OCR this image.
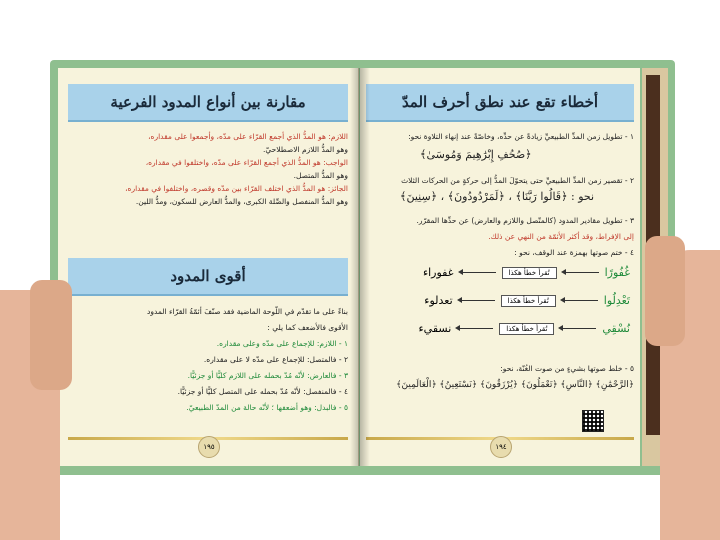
مقارنة بين أنواع المدود الفرعية
اللازم: هو المدُّ الذي أجمع القرّاء على مدّه، وأجمعوا على مقداره،
وهو المدُّ اللازم الاصطلاحيّ.
الواجب: هو المدُّ الذي أجمع القرّاء على مدّه، واختلفوا في مقداره،
وهو المدُّ المتصل.
الجائز: هو المدُّ الذي اختلف القرّاء بين مدّه وقصره، واختلفوا في مقداره،
وهو المدُّ المنفصل والصِّلة الكبرى، والمدُّ العارض للسكون، ومدُّ اللين.
أقوى المدود
بناءً على ما تقدّم في اللّوحة الماضية فقد صنّفَ أئمّةُ القرّاء المدود
الأقوى فالأضعف كما يلي :
١ - اللازم: للإجماع على مدّه وعلى مقداره.
٢ - فالمتصل: للإجماع على مدّه لا على مقداره.
٣ - فالعارض: لأنّه مُدّ بحمله على اللازم كليًّا أو جزئيًّا.
٤ - فالمنفصل: لأنّه مُدّ بحمله على المتصل كليًّا أو جزئيًّا.
٥ - فالبدل: وهو أضعفها ؛ لأنّه حالة من المدّ الطبيعيّ.
١٩٥
أخطاء تقع عند نطق أحرف المدّ
١ - تطويل زمن المدِّ الطبيعيِّ زيادةً عن حدِّه، وخاصّةً عند إنهاء التلاوة نحو:
﴿صُحُفِ إِبْرَٰهِيمَ وَمُوسَىٰ﴾
٢ - تقصير زمن المدِّ الطبيعيِّ حتى يتحوّلَ المدُّ إلى حركةٍ من الحركات الثلاث
نحو : ﴿قَالُوا رَبَّنَا﴾ ، ﴿لَمَرْدُودُونَ﴾ ، ﴿سِنِينَ﴾
٣ - تطويل مقادير المدود (كالمتّصل واللازم والعارض) عن حدِّها المقرّر.
إلى الإفراط، وقد أكثر الأئمّة من النهي عن ذلك.
٤ - ختم صوتها بهمزة عند الوقف، نحو :
غُفُورًا
تُقرأ خطأ هكذا
غفوراء
تَعْدِلُوا
تُقرأ خطأ هكذا
تعدلوء
نُسْقِي
تُقرأ خطأ هكذا
نسقيء
٥ - خلط صوتها بشيءٍ من صوت الغُنّة، نحو:
﴿الرَّحْمَٰنِ﴾ ﴿النَّاسِ﴾ ﴿تَعْمَلُونَ﴾ ﴿يُرْزَقُونَ﴾ ﴿نَسْتَعِينُ﴾ ﴿الْعَالَمِينَ﴾
١٩٤
